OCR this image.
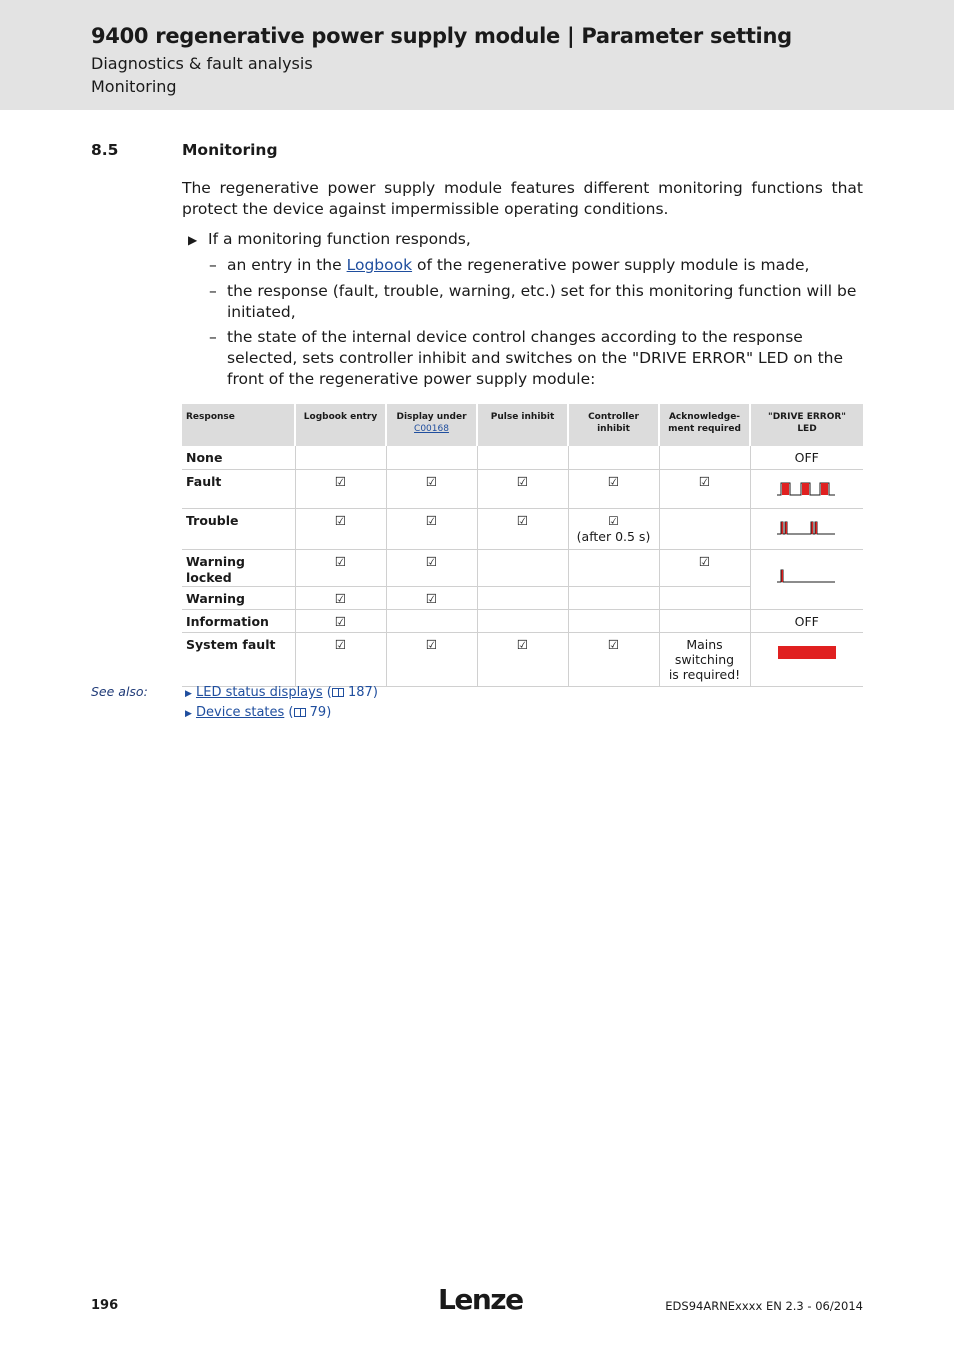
9400 regenerative power supply module | Parameter setting
Diagnostics & fault analysis
Monitoring
8.5	Monitoring
The regenerative power supply module features different monitoring functions that protect the device against impermissible operating conditions.
▶ If a monitoring function responds,
– an entry in the Logbook of the regenerative power supply module is made,
– the response (fault, trouble, warning, etc.) set for this monitoring function will be initiated,
– the state of the internal device control changes according to the response selected, sets controller inhibit and switches on the "DRIVE ERROR" LED on the front of the regenerative power supply module:
Response	Logbook entry	Display under
C00168	Pulse inhibit	Controller inhibit	Acknowledge-
ment required	"DRIVE ERROR"
LED
None						OFF
Fault	☑	☑	☑	☑	☑	
Trouble	☑	☑	☑	☑
(after 0.5 s)		
Warning locked	☑	☑			☑	
Warning	☑	☑				
Information	☑					OFF
System fault	☑	☑	☑	☑	Mains
switching
is required!	
See also:	▶ LED status displays ( 187)
▶ Device states ( 79)
196	Lenze	EDS94ARNExxxx EN 2.3 - 06/2014
